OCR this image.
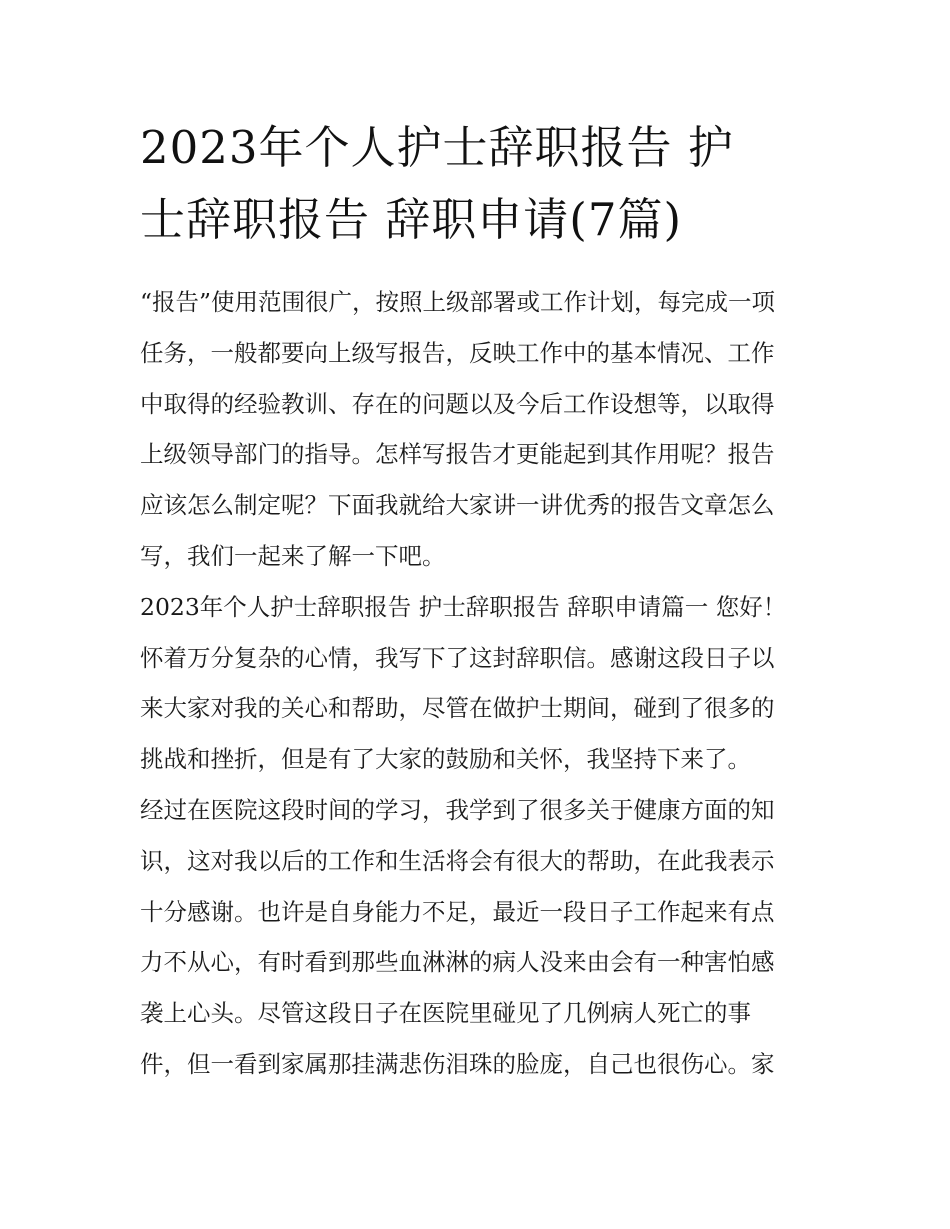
2023年个人护士辞职报告 护
士辞职报告 辞职申请(7篇)
“报告”使用范围很广，按照上级部署或工作计划，每完成一项
任务，一般都要向上级写报告，反映工作中的基本情况、工作
中取得的经验教训、存在的问题以及今后工作设想等，以取得
上级领导部门的指导。怎样写报告才更能起到其作用呢？报告
应该怎么制定呢？下面我就给大家讲一讲优秀的报告文章怎么
写，我们一起来了解一下吧。
2023年个人护士辞职报告 护士辞职报告 辞职申请篇一 您好！
怀着万分复杂的心情，我写下了这封辞职信。感谢这段日子以
来大家对我的关心和帮助，尽管在做护士期间，碰到了很多的
挑战和挫折，但是有了大家的鼓励和关怀，我坚持下来了。
经过在医院这段时间的学习，我学到了很多关于健康方面的知
识，这对我以后的工作和生活将会有很大的帮助，在此我表示
十分感谢。也许是自身能力不足，最近一段日子工作起来有点
力不从心，有时看到那些血淋淋的病人没来由会有一种害怕感
袭上心头。尽管这段日子在医院里碰见了几例病人死亡的事
件，但一看到家属那挂满悲伤泪珠的脸庞，自己也很伤心。家
